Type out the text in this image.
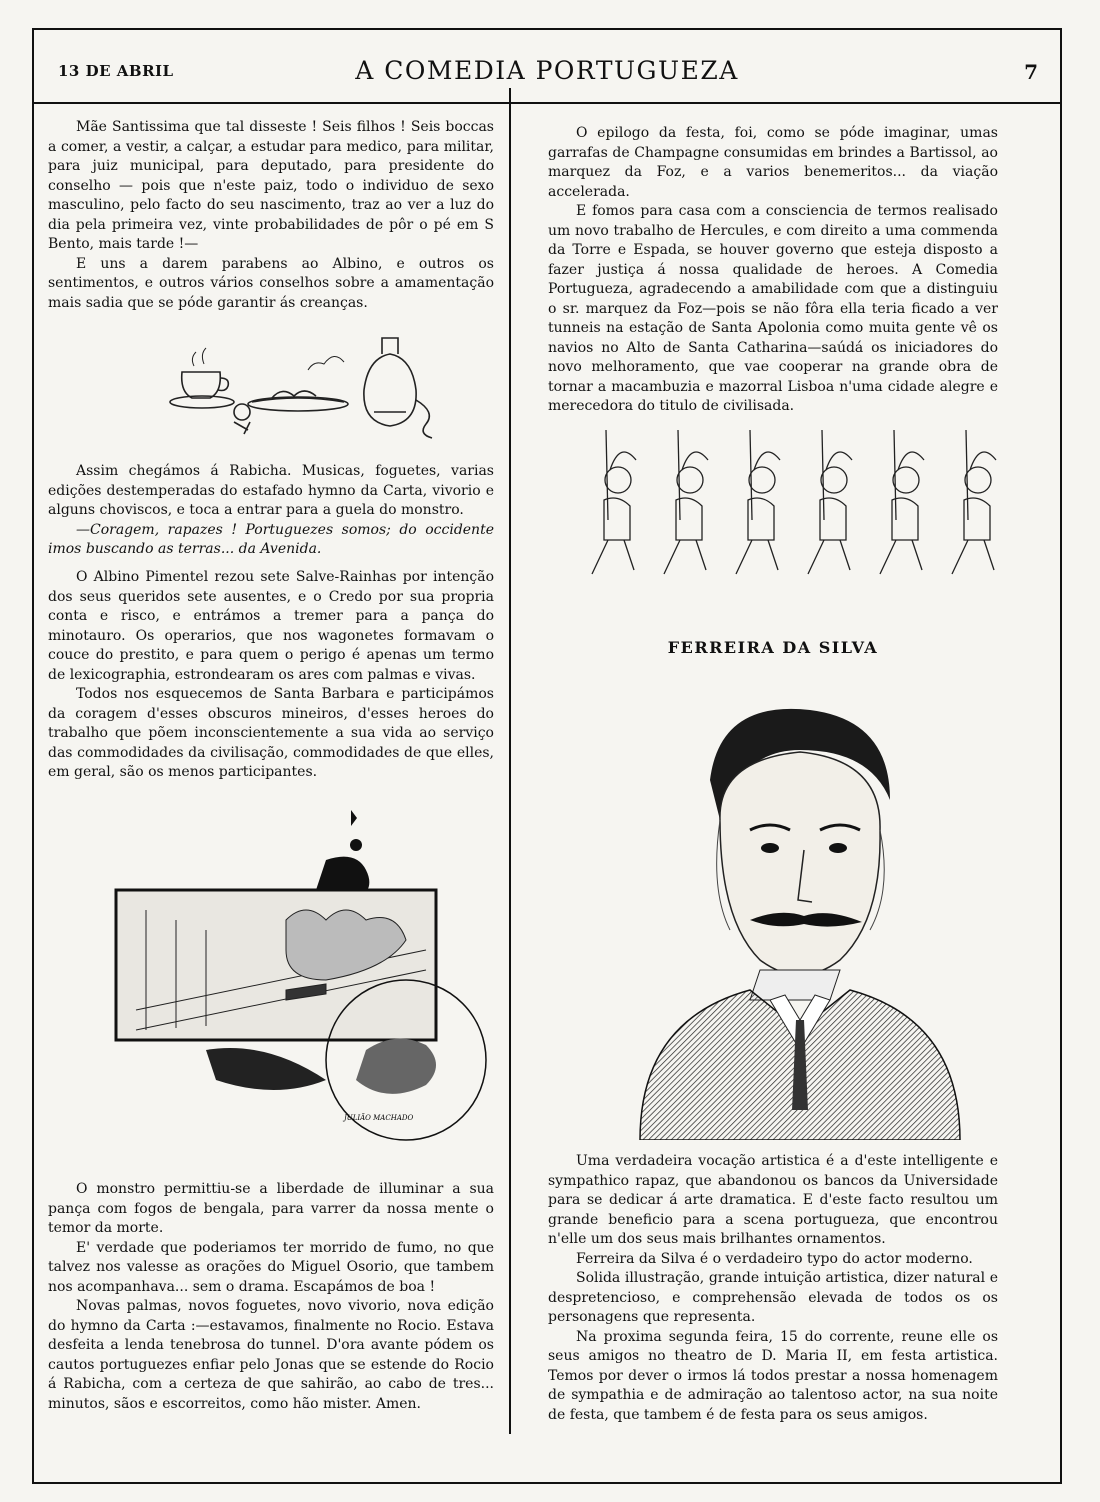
13 DE ABRIL	A COMEDIA PORTUGUEZA	7

Mãe Santissima que tal disseste ! Seis filhos ! Seis boccas a comer, a vestir, a calçar, a estudar para medico, para militar, para juiz municipal, para deputado, para presidente do conselho — pois que n'este paiz, todo o individuo de sexo masculino, pelo facto do seu nascimento, traz ao ver a luz do dia pela primeira vez, vinte probabilidades de pôr o pé em S Bento, mais tarde !—

E uns a darem parabens ao Albino, e outros os sentimentos, e outros vários conselhos sobre a amamentação mais sadia que se póde garantir ás creanças.

Assim chegámos á Rabicha. Musicas, foguetes, varias edições destemperadas do estafado hymno da Carta, vivorio e alguns choviscos, e toca a entrar para a guela do monstro.

—Coragem, rapazes ! Portuguezes somos; do occidente imos buscando as terras... da Avenida.

O Albino Pimentel rezou sete Salve-Rainhas por intenção dos seus queridos sete ausentes, e o Credo por sua propria conta e risco, e entrámos a tremer para a pança do minotauro. Os operarios, que nos wagonetes formavam o couce do prestito, e para quem o perigo é apenas um termo de lexicographia, estrondearam os ares com palmas e vivas.

Todos nos esquecemos de Santa Barbara e participámos da coragem d'esses obscuros mineiros, d'esses heroes do trabalho que põem inconscientemente a sua vida ao serviço das commodidades da civilisação, commodidades de que elles, em geral, são os menos participantes.

JULIÃO MACHADO

O monstro permittiu-se a liberdade de illuminar a sua pança com fogos de bengala, para varrer da nossa mente o temor da morte.

E' verdade que poderiamos ter morrido de fumo, no que talvez nos valesse as orações do Miguel Osorio, que tambem nos acompanhava... sem o drama. Escapámos de boa !

Novas palmas, novos foguetes, novo vivorio, nova edição do hymno da Carta :—estavamos, finalmente no Rocio. Estava desfeita a lenda tenebrosa do tunnel. D'ora avante pódem os cautos portuguezes enfiar pelo Jonas que se estende do Rocio á Rabicha, com a certeza de que sahirão, ao cabo de tres... minutos, sãos e escorreitos, como hão mister. Amen.

O epilogo da festa, foi, como se póde imaginar, umas garrafas de Champagne consumidas em brindes a Bartissol, ao marquez da Foz, e a varios benemeritos... da viação accelerada.

E fomos para casa com a consciencia de termos realisado um novo trabalho de Hercules, e com direito a uma commenda da Torre e Espada, se houver governo que esteja disposto a fazer justiça á nossa qualidade de heroes. A Comedia Portugueza, agradecendo a amabilidade com que a distinguiu o sr. marquez da Foz—pois se não fôra ella teria ficado a ver tunneis na estação de Santa Apolonia como muita gente vê os navios no Alto de Santa Catharina—saúdá os iniciadores do novo melhoramento, que vae cooperar na grande obra de tornar a macambuzia e mazorral Lisboa n'uma cidade alegre e merecedora do titulo de civilisada.

FERREIRA DA SILVA

Uma verdadeira vocação artistica é a d'este intelligente e sympathico rapaz, que abandonou os bancos da Universidade para se dedicar á arte dramatica. E d'este facto resultou um grande beneficio para a scena portugueza, que encontrou n'elle um dos seus mais brilhantes ornamentos.

Ferreira da Silva é o verdadeiro typo do actor moderno.

Solida illustração, grande intuição artistica, dizer natural e despretencioso, e comprehensão elevada de todos os os personagens que representa.

Na proxima segunda feira, 15 do corrente, reune elle os seus amigos no theatro de D. Maria II, em festa artistica. Temos por dever o irmos lá todos prestar a nossa homenagem de sympathia e de admiração ao talentoso actor, na sua noite de festa, que tambem é de festa para os seus amigos.
